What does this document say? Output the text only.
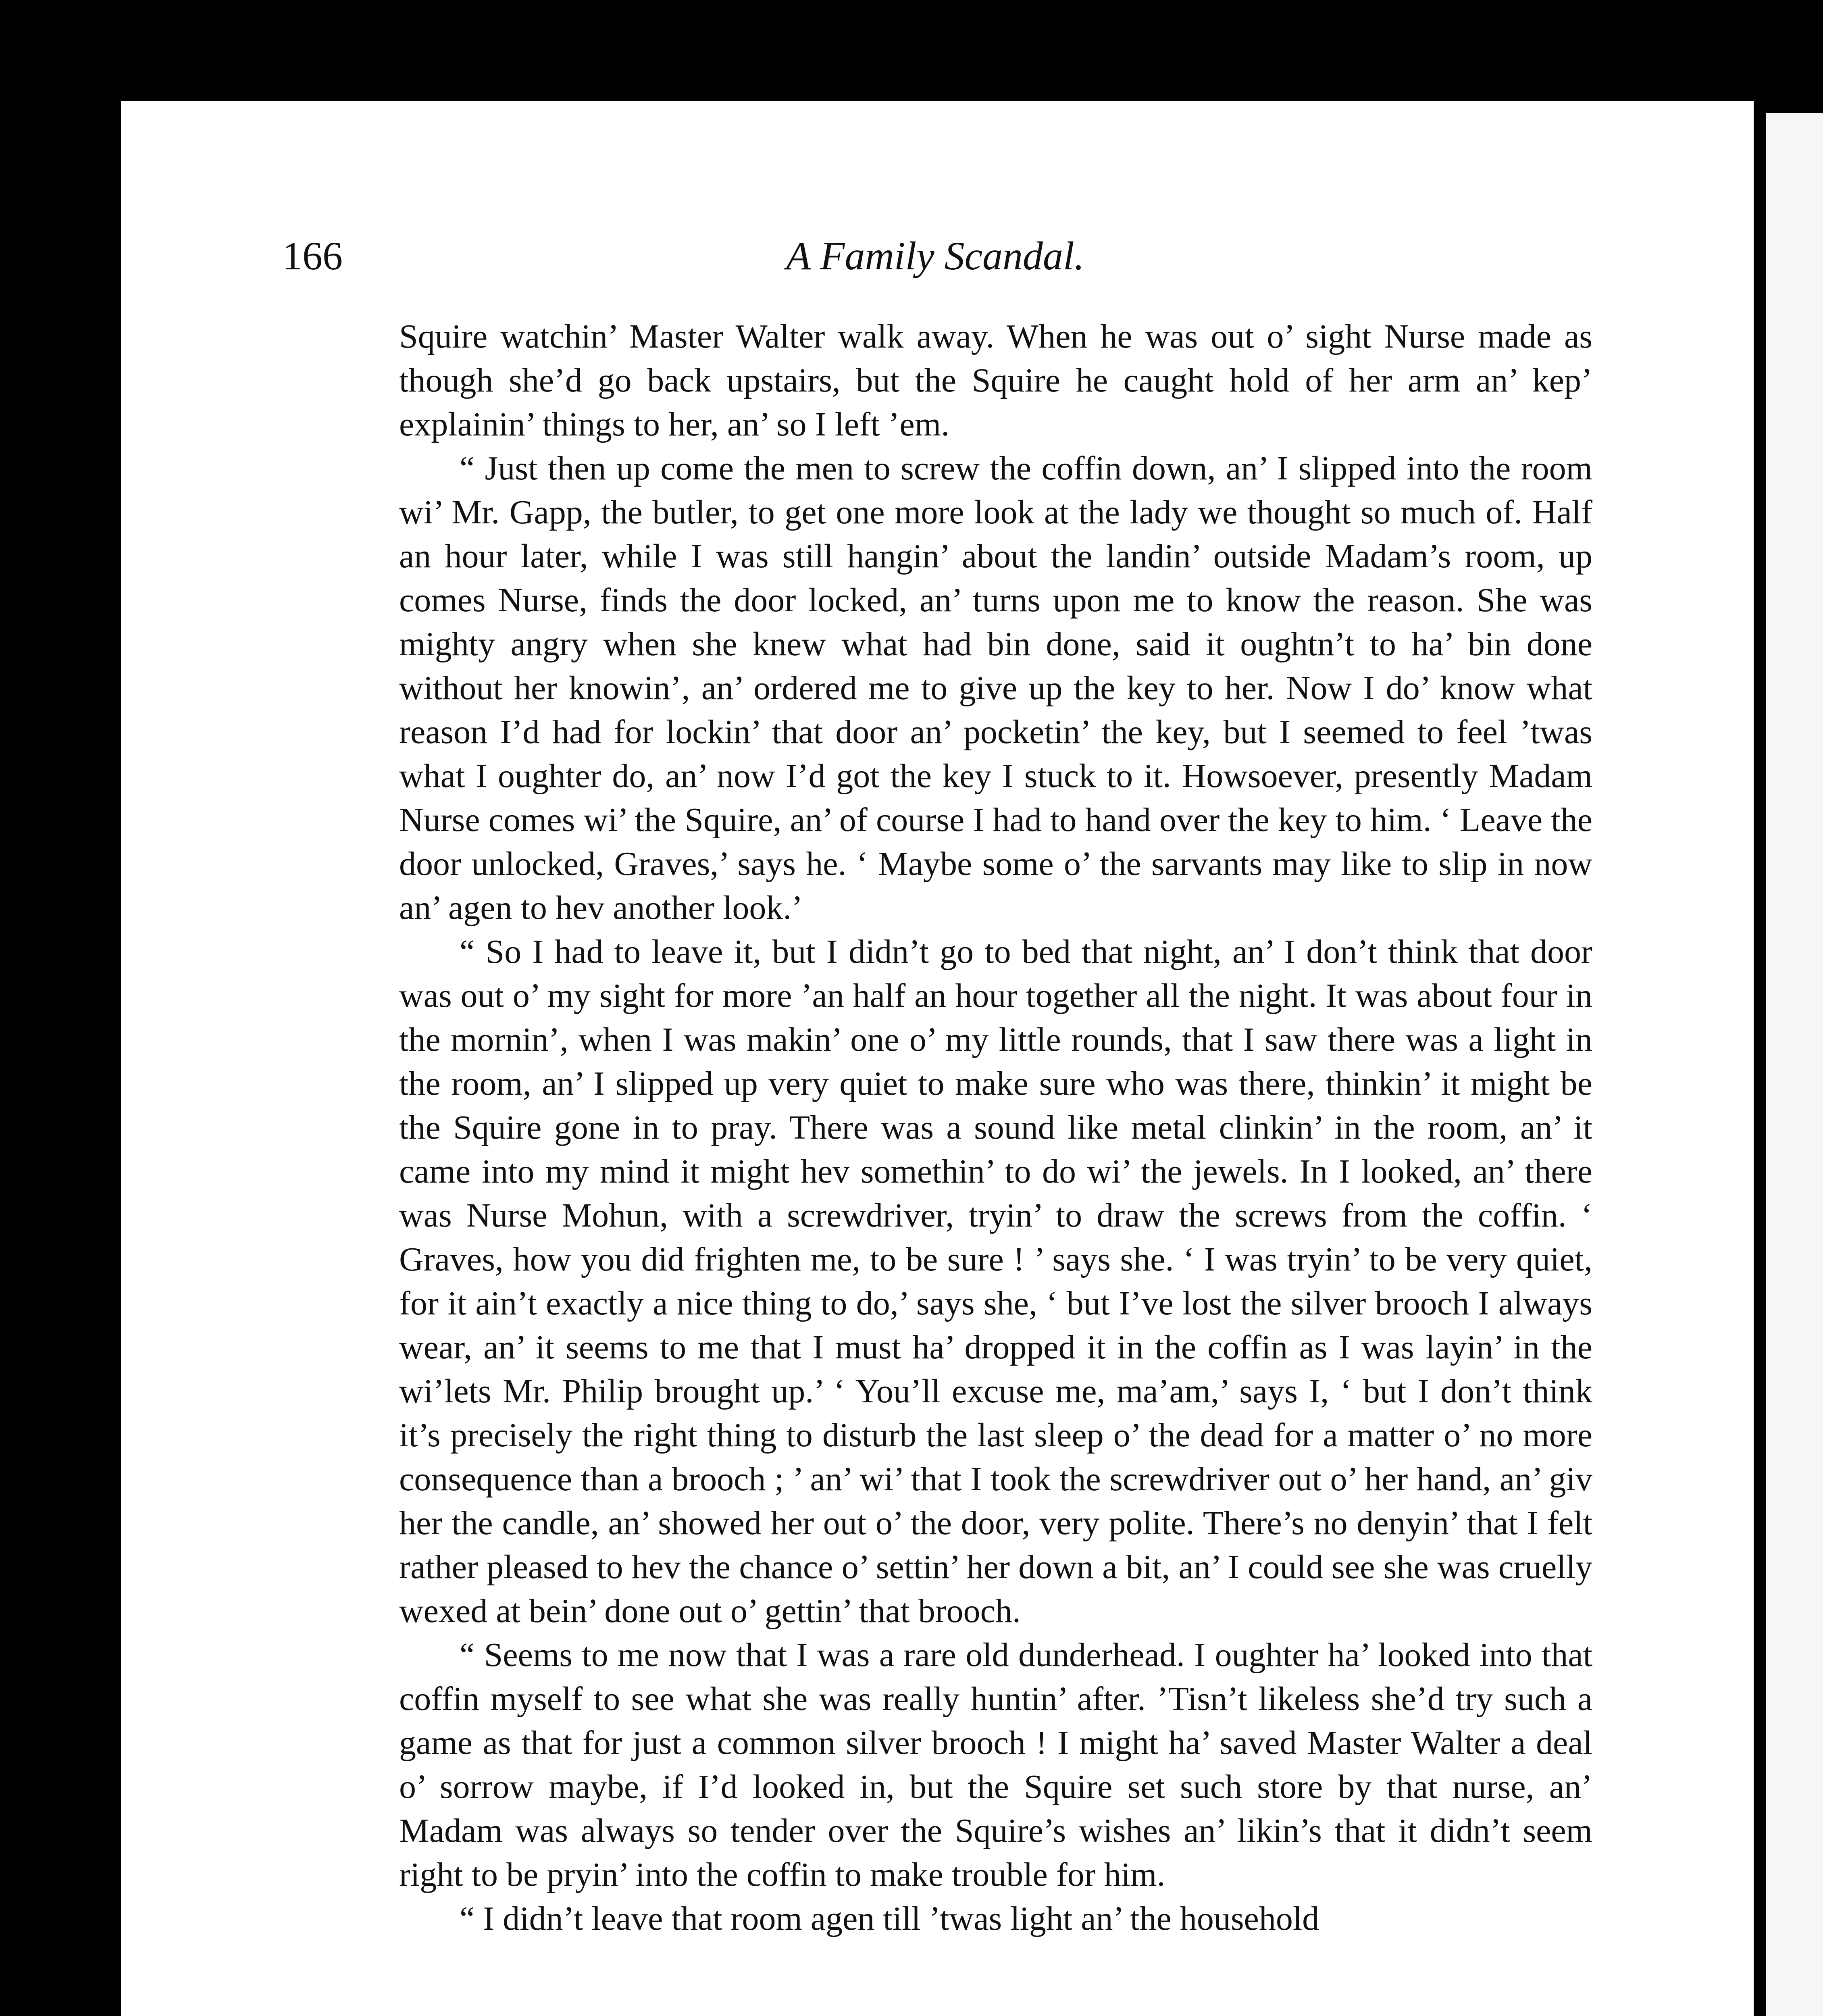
166	A Family Scandal.

Squire watchin’ Master Walter walk away. When he was out o’ sight Nurse made as though she’d go back upstairs, but the Squire he caught hold of her arm an’ kep’ explainin’ things to her, an’ so I left ’em.

“ Just then up come the men to screw the coffin down, an’ I slipped into the room wi’ Mr. Gapp, the butler, to get one more look at the lady we thought so much of. Half an hour later, while I was still hangin’ about the landin’ outside Madam’s room, up comes Nurse, finds the door locked, an’ turns upon me to know the reason. She was mighty angry when she knew what had bin done, said it oughtn’t to ha’ bin done without her knowin’, an’ ordered me to give up the key to her. Now I do’ know what reason I’d had for lockin’ that door an’ pocketin’ the key, but I seemed to feel ’twas what I oughter do, an’ now I’d got the key I stuck to it. Howsoever, presently Madam Nurse comes wi’ the Squire, an’ of course I had to hand over the key to him. ‘ Leave the door unlocked, Graves,’ says he. ‘ Maybe some o’ the sarvants may like to slip in now an’ agen to hev another look.’

“ So I had to leave it, but I didn’t go to bed that night, an’ I don’t think that door was out o’ my sight for more ’an half an hour together all the night. It was about four in the mornin’, when I was makin’ one o’ my little rounds, that I saw there was a light in the room, an’ I slipped up very quiet to make sure who was there, thinkin’ it might be the Squire gone in to pray. There was a sound like metal clinkin’ in the room, an’ it came into my mind it might hev somethin’ to do wi’ the jewels. In I looked, an’ there was Nurse Mohun, with a screwdriver, tryin’ to draw the screws from the coffin. ‘ Graves, how you did frighten me, to be sure ! ’ says she. ‘ I was tryin’ to be very quiet, for it ain’t exactly a nice thing to do,’ says she, ‘ but I’ve lost the silver brooch I always wear, an’ it seems to me that I must ha’ dropped it in the coffin as I was layin’ in the wi’lets Mr. Philip brought up.’ ‘ You’ll excuse me, ma’am,’ says I, ‘ but I don’t think it’s precisely the right thing to disturb the last sleep o’ the dead for a matter o’ no more consequence than a brooch ; ’ an’ wi’ that I took the screwdriver out o’ her hand, an’ giv her the candle, an’ showed her out o’ the door, very polite. There’s no denyin’ that I felt rather pleased to hev the chance o’ settin’ her down a bit, an’ I could see she was cruelly wexed at bein’ done out o’ gettin’ that brooch.

“ Seems to me now that I was a rare old dunderhead. I oughter ha’ looked into that coffin myself to see what she was really huntin’ after. ’Tisn’t likeless she’d try such a game as that for just a common silver brooch ! I might ha’ saved Master Walter a deal o’ sorrow maybe, if I’d looked in, but the Squire set such store by that nurse, an’ Madam was always so tender over the Squire’s wishes an’ likin’s that it didn’t seem right to be pryin’ into the coffin to make trouble for him.

“ I didn’t leave that room agen till ’twas light an’ the household
